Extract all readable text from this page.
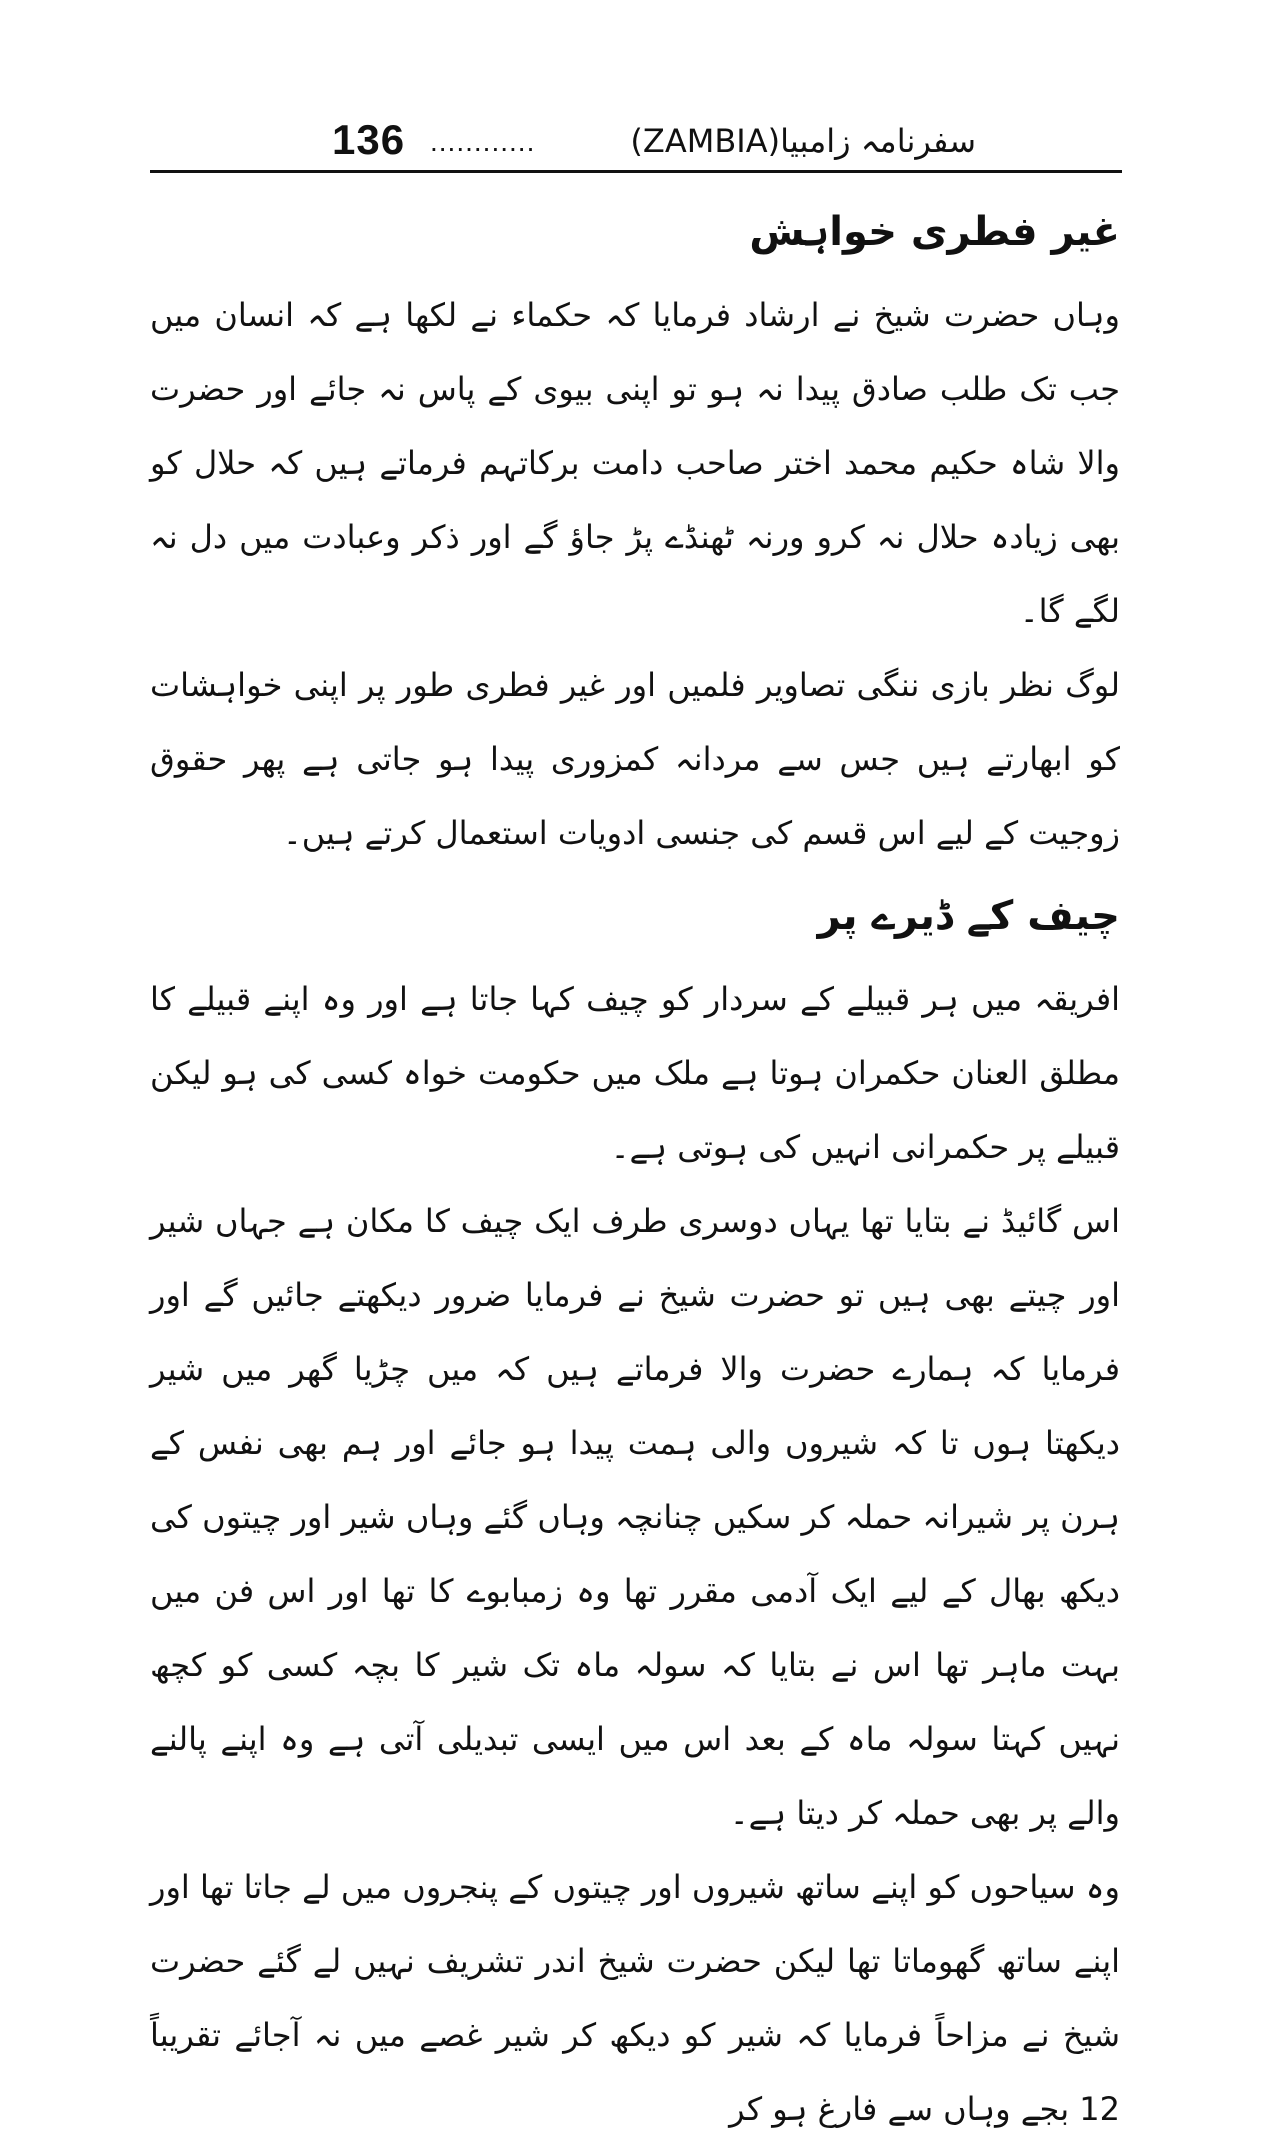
136 ............	سفرنامہ زامبیا(ZAMBIA)
غیر فطری خواہش

وہاں حضرت شیخ نے ارشاد فرمایا کہ حکماء نے لکھا ہے کہ انسان میں جب تک طلب صادق پیدا نہ ہو تو اپنی بیوی کے پاس نہ جائے اور حضرت والا شاہ حکیم محمد اختر صاحب دامت برکاتہم فرماتے ہیں کہ حلال کو بھی زیادہ حلال نہ کرو ورنہ ٹھنڈے پڑ جاؤ گے اور ذکر وعبادت میں دل نہ لگے گا۔

لوگ نظر بازی ننگی تصاویر فلمیں اور غیر فطری طور پر اپنی خواہشات کو ابھارتے ہیں جس سے مردانہ کمزوری پیدا ہو جاتی ہے پھر حقوق زوجیت کے لیے اس قسم کی جنسی ادویات استعمال کرتے ہیں۔

چیف کے ڈیرے پر

افریقہ میں ہر قبیلے کے سردار کو چیف کہا جاتا ہے اور وہ اپنے قبیلے کا مطلق العنان حکمران ہوتا ہے ملک میں حکومت خواہ کسی کی ہو لیکن قبیلے پر حکمرانی انہیں کی ہوتی ہے۔

اس گائیڈ نے بتایا تھا یہاں دوسری طرف ایک چیف کا مکان ہے جہاں شیر اور چیتے بھی ہیں تو حضرت شیخ نے فرمایا ضرور دیکھتے جائیں گے اور فرمایا کہ ہمارے حضرت والا فرماتے ہیں کہ میں چڑیا گھر میں شیر دیکھتا ہوں تا کہ شیروں والی ہمت پیدا ہو جائے اور ہم بھی نفس کے ہرن پر شیرانہ حملہ کر سکیں چنانچہ وہاں گئے وہاں شیر اور چیتوں کی دیکھ بھال کے لیے ایک آدمی مقرر تھا وہ زمبابوے کا تھا اور اس فن میں بہت ماہر تھا اس نے بتایا کہ سولہ ماہ تک شیر کا بچہ کسی کو کچھ نہیں کہتا سولہ ماہ کے بعد اس میں ایسی تبدیلی آتی ہے وہ اپنے پالنے والے پر بھی حملہ کر دیتا ہے۔

وہ سیاحوں کو اپنے ساتھ شیروں اور چیتوں کے پنجروں میں لے جاتا تھا اور اپنے ساتھ گھوماتا تھا لیکن حضرت شیخ اندر تشریف نہیں لے گئے حضرت شیخ نے مزاحاً فرمایا کہ شیر کو دیکھ کر شیر غصے میں نہ آجائے تقریباً 12 بجے وہاں سے فارغ ہو کر
